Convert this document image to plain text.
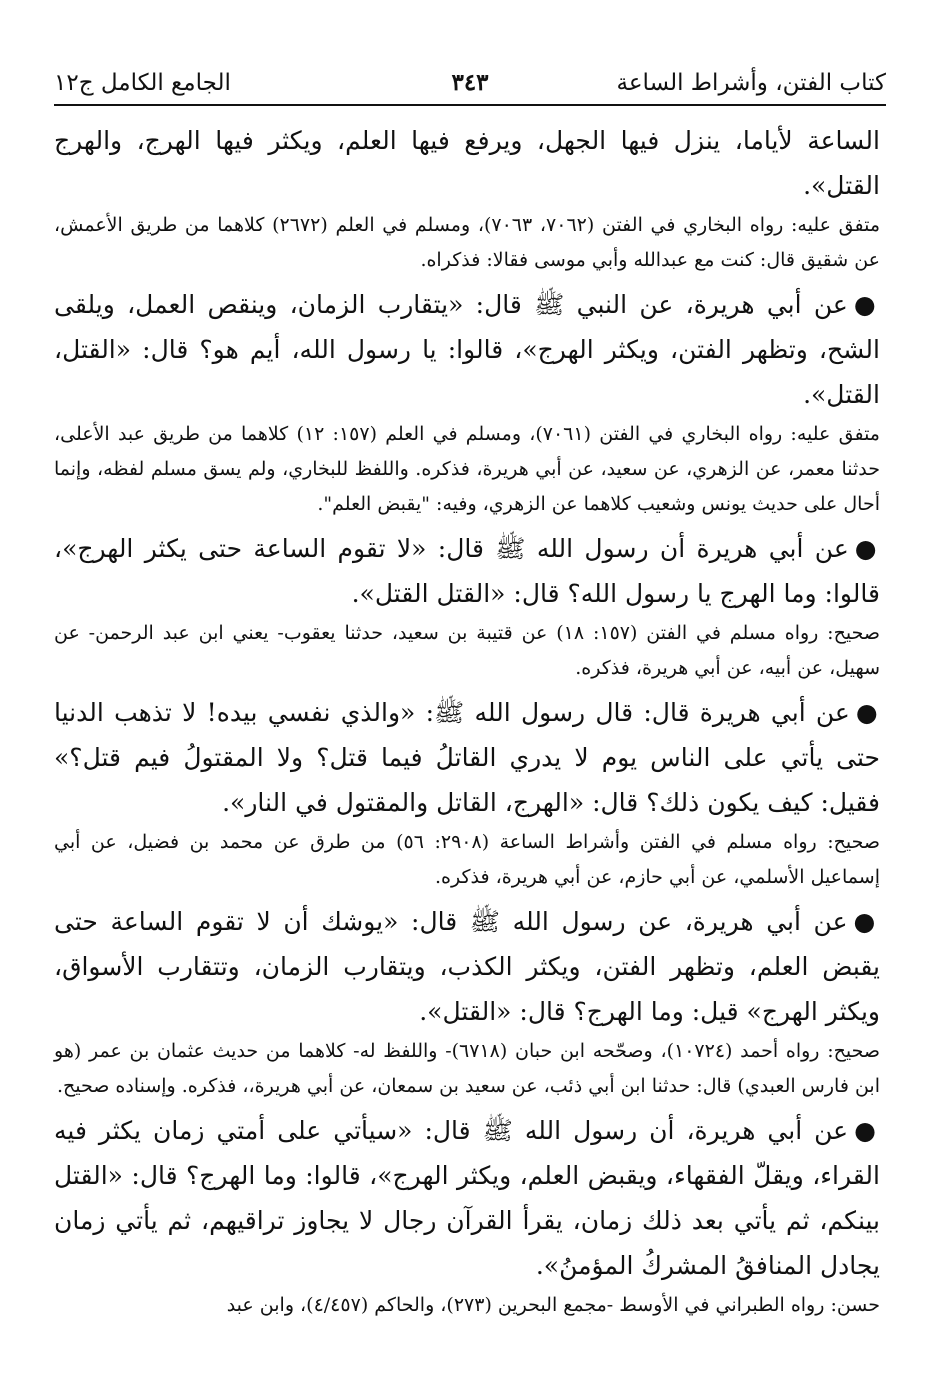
كتاب الفتن، وأشراط الساعة
٣٤٣
الجامع الكامل ج١٢

الساعة لأياما، ينزل فيها الجهل، ويرفع فيها العلم، ويكثر فيها الهرج، والهرج القتل».

متفق عليه: رواه البخاري في الفتن (٧٠٦٢، ٧٠٦٣)، ومسلم في العلم (٢٦٧٢) كلاهما من طريق الأعمش، عن شقيق قال: كنت مع عبدالله وأبي موسى فقالا: فذكراه.

●عن أبي هريرة، عن النبي ﷺ قال: «يتقارب الزمان، وينقص العمل، ويلقى الشح، وتظهر الفتن، ويكثر الهرج»، قالوا: يا رسول الله، أيم هو؟ قال: «القتل، القتل».

متفق عليه: رواه البخاري في الفتن (٧٠٦١)، ومسلم في العلم (١٥٧: ١٢) كلاهما من طريق عبد الأعلى، حدثنا معمر، عن الزهري، عن سعيد، عن أبي هريرة، فذكره. واللفظ للبخاري، ولم يسق مسلم لفظه، وإنما أحال على حديث يونس وشعيب كلاهما عن الزهري، وفيه: "يقبض العلم".

●عن أبي هريرة أن رسول الله ﷺ قال: «لا تقوم الساعة حتى يكثر الهرج»، قالوا: وما الهرج يا رسول الله؟ قال: «القتل القتل».

صحيح: رواه مسلم في الفتن (١٥٧: ١٨) عن قتيبة بن سعيد، حدثنا يعقوب- يعني ابن عبد الرحمن- عن سهيل، عن أبيه، عن أبي هريرة، فذكره.

●عن أبي هريرة قال: قال رسول الله ﷺ: «والذي نفسي بيده! لا تذهب الدنيا حتى يأتي على الناس يوم لا يدري القاتلُ فيما قتل؟ ولا المقتولُ فيم قتل؟» فقيل: كيف يكون ذلك؟ قال: «الهرج، القاتل والمقتول في النار».

صحيح: رواه مسلم في الفتن وأشراط الساعة (٢٩٠٨: ٥٦) من طرق عن محمد بن فضيل، عن أبي إسماعيل الأسلمي، عن أبي حازم، عن أبي هريرة، فذكره.

●عن أبي هريرة، عن رسول الله ﷺ قال: «يوشك أن لا تقوم الساعة حتى يقبض العلم، وتظهر الفتن، ويكثر الكذب، ويتقارب الزمان، وتتقارب الأسواق، ويكثر الهرج» قيل: وما الهرج؟ قال: «القتل».

صحيح: رواه أحمد (١٠٧٢٤)، وصحّحه ابن حبان (٦٧١٨)- واللفظ له- كلاهما من حديث عثمان بن عمر (هو ابن فارس العبدي) قال: حدثنا ابن أبي ذئب، عن سعيد بن سمعان، عن أبي هريرة،، فذكره. وإسناده صحيح.

●عن أبي هريرة، أن رسول الله ﷺ قال: «سيأتي على أمتي زمان يكثر فيه القراء، ويقلّ الفقهاء، ويقبض العلم، ويكثر الهرج»، قالوا: وما الهرج؟ قال: «القتل بينكم، ثم يأتي بعد ذلك زمان، يقرأ القرآن رجال لا يجاوز تراقيهم، ثم يأتي زمان يجادل المنافقُ المشركُ المؤمنُ».

حسن: رواه الطبراني في الأوسط -مجمع البحرين (٢٧٣)، والحاكم (٤/٤٥٧)، وابن عبد
